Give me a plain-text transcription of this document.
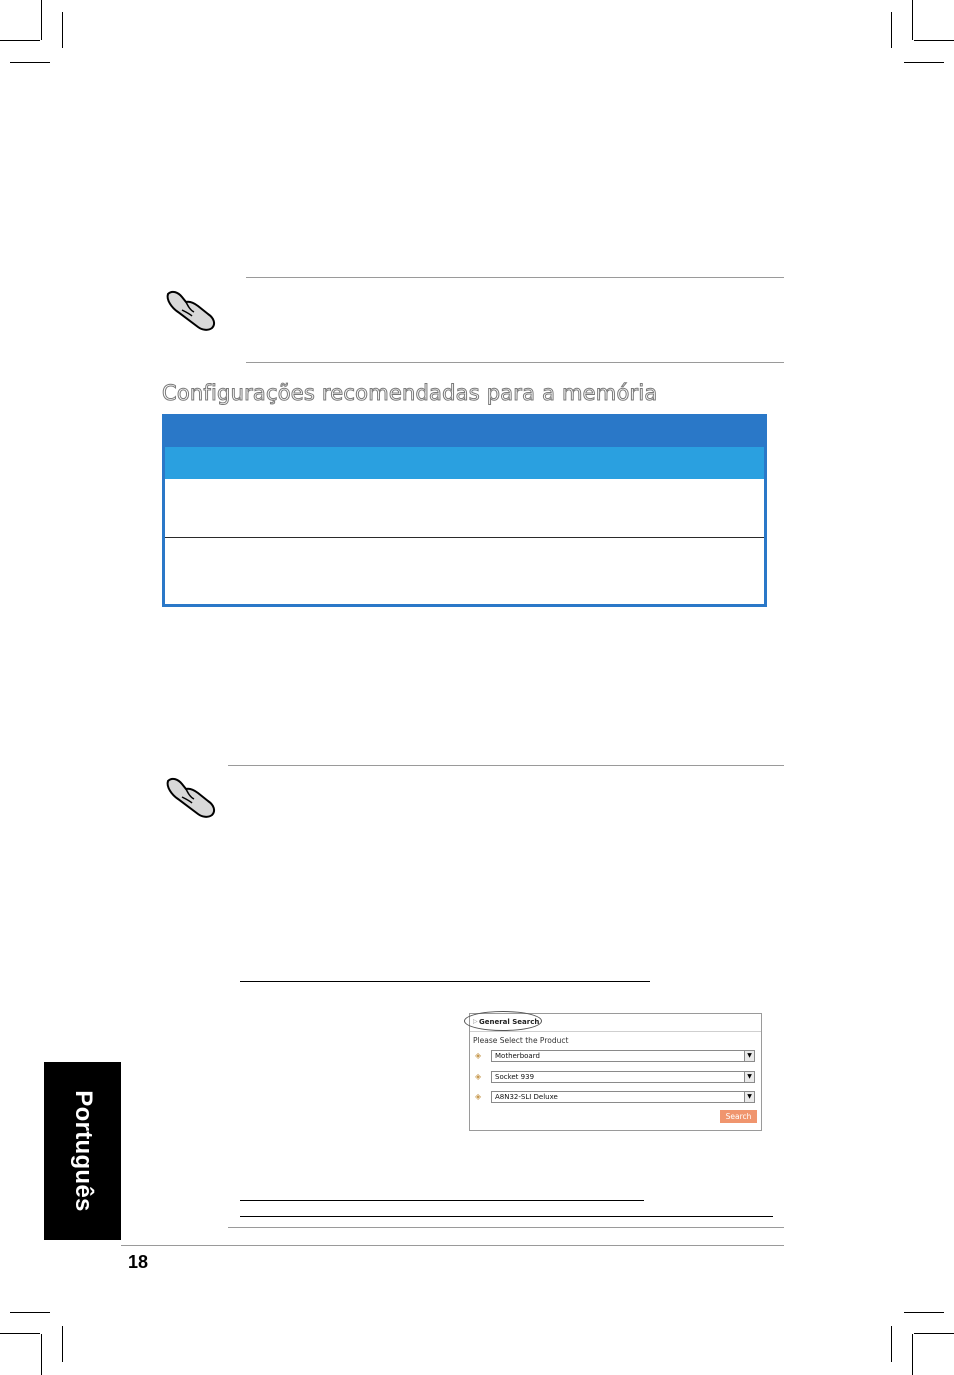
Configurações recomendadas para a memória
▷ General Search
Please Select the Product
◈	Motherboard	▼
◈	Socket 939	▼
◈	A8N32-SLI Deluxe	▼
Search
Português
18
